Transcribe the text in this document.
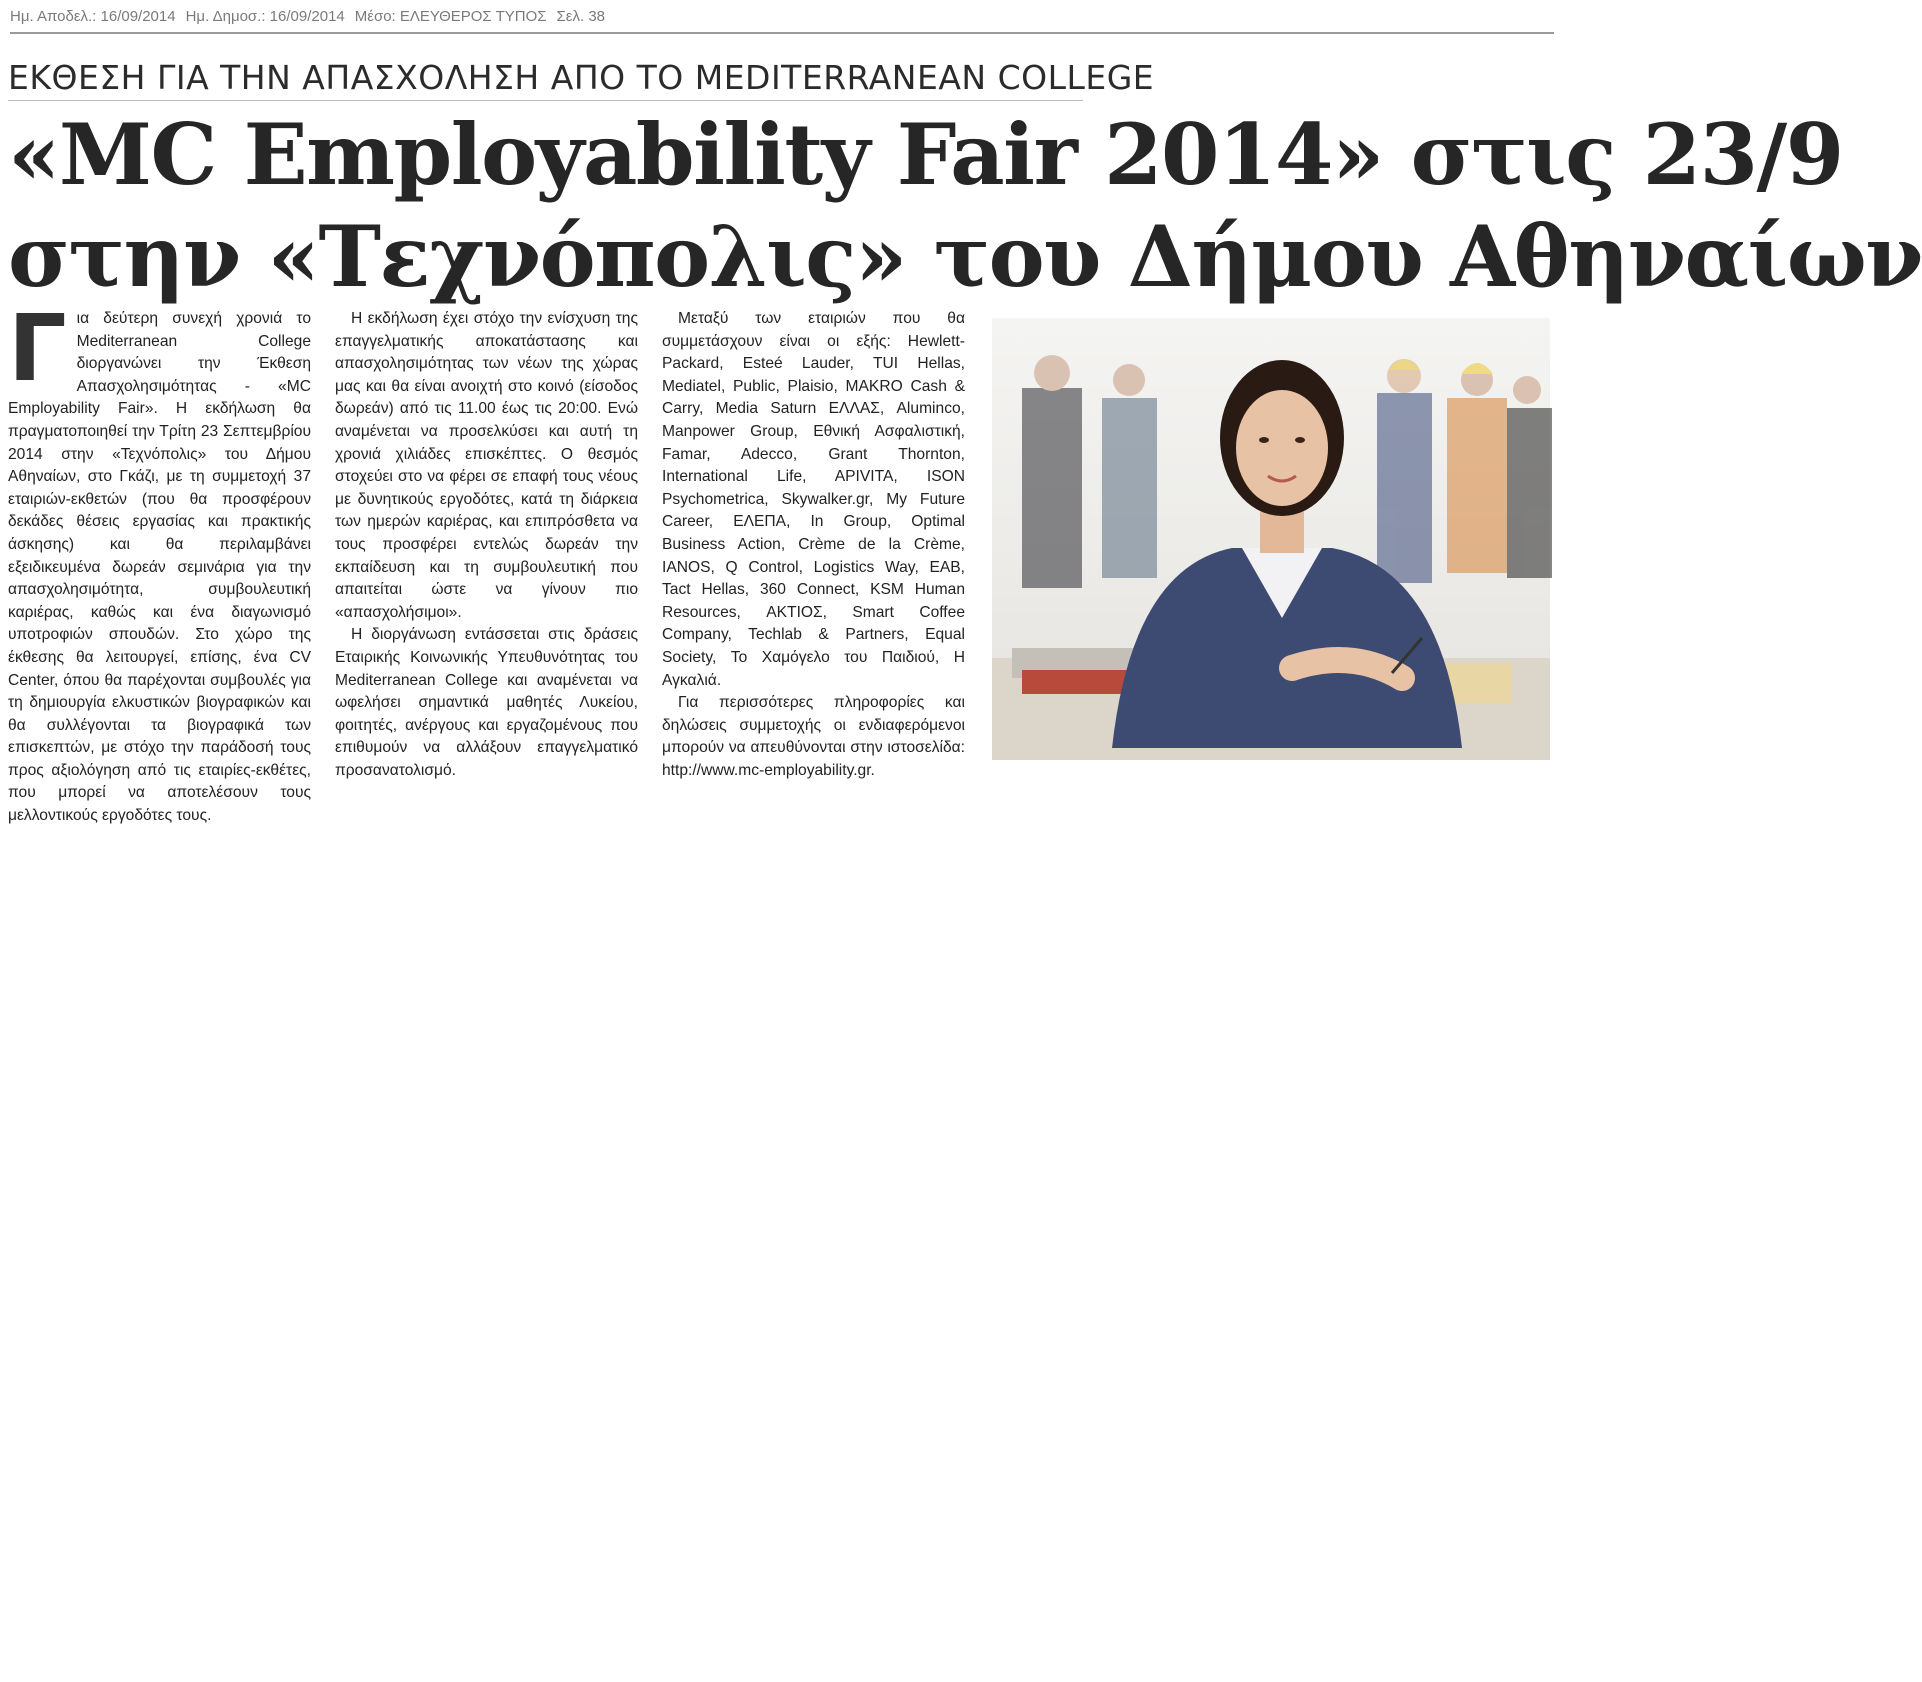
Ημ. Αποδελ.: 16/09/2014 Ημ. Δημοσ.: 16/09/2014 Μέσο: ΕΛΕΥΘΕΡΟΣ ΤΥΠΟΣ Σελ. 38
ΕΚΘΕΣΗ ΓΙΑ ΤΗΝ ΑΠΑΣΧΟΛΗΣΗ ΑΠΟ ΤΟ MEDITERRANEAN COLLEGE
«MC Employability Fair 2014» στις 23/9
στην «Τεχνόπολις» του Δήμου Αθηναίων

Για δεύτερη συνεχή χρονιά το Mediterranean College διοργανώνει την Έκθεση Απασχολησιμότητας - «MC Employability Fair». Η εκδήλωση θα πραγματοποιηθεί την Τρίτη 23 Σεπτεμβρίου 2014 στην «Τεχνόπολις» του Δήμου Αθηναίων, στο Γκάζι, με τη συμμετοχή 37 εταιριών-εκθετών (που θα προσφέρουν δεκάδες θέσεις εργασίας και πρακτικής άσκησης) και θα περιλαμβάνει εξειδικευμένα δωρεάν σεμινάρια για την απασχολησιμότητα, συμβουλευτική καριέρας, καθώς και ένα διαγωνισμό υποτροφιών σπουδών. Στο χώρο της έκθεσης θα λειτουργεί, επίσης, ένα CV Center, όπου θα παρέχονται συμβουλές για τη δημιουργία ελκυστικών βιογραφικών και θα συλλέγονται τα βιογραφικά των επισκεπτών, με στόχο την παράδοσή τους προς αξιολόγηση από τις εταιρίες-εκθέτες, που μπορεί να αποτελέσουν τους μελλοντικούς εργοδότες τους.

Η εκδήλωση έχει στόχο την ενίσχυση της επαγγελματικής αποκατάστασης και απασχολησιμότητας των νέων της χώρας μας και θα είναι ανοιχτή στο κοινό (είσοδος δωρεάν) από τις 11.00 έως τις 20:00. Ενώ αναμένεται να προσελκύσει και αυτή τη χρονιά χιλιάδες επισκέπτες. Ο θεσμός στοχεύει στο να φέρει σε επαφή τους νέους με δυνητικούς εργοδότες, κατά τη διάρκεια των ημερών καριέρας, και επιπρόσθετα να τους προσφέρει εντελώς δωρεάν την εκπαίδευση και τη συμβουλευτική που απαιτείται ώστε να γίνουν πιο «απασχολήσιμοι».

Η διοργάνωση εντάσσεται στις δράσεις Εταιρικής Κοινωνικής Υπευθυνότητας του Mediterranean College και αναμένεται να ωφελήσει σημαντικά μαθητές Λυκείου, φοιτητές, ανέργους και εργαζομένους που επιθυμούν να αλλάξουν επαγγελματικό προσανατολισμό.

Μεταξύ των εταιριών που θα συμμετάσχουν είναι οι εξής: Hewlett-Packard, Esteé Lauder, TUI Hellas, Mediatel, Public, Plaisio, MAKRO Cash & Carry, Media Saturn ΕΛΛΑΣ, Aluminco, Manpower Group, Εθνική Ασφαλιστική, Famar, Adecco, Grant Thornton, International Life, APIVITA, ISON Psychometrica, Skywalker.gr, My Future Career, ΕΛΕΠΑ, In Group, Optimal Business Action, Crème de la Crème, IANOS, Q Control, Logistics Way, EAB, Tact Hellas, 360 Connect, KSM Human Resources, ΑΚΤΙΟΣ, Smart Coffee Company, Techlab & Partners, Equal Society, Το Χαμόγελο του Παιδιού, Η Αγκαλιά.

Για περισσότερες πληροφορίες και δηλώσεις συμμετοχής οι ενδιαφερόμενοι μπορούν να απευθύνονται στην ιστοσελίδα: http://www.mc-employability.gr.
